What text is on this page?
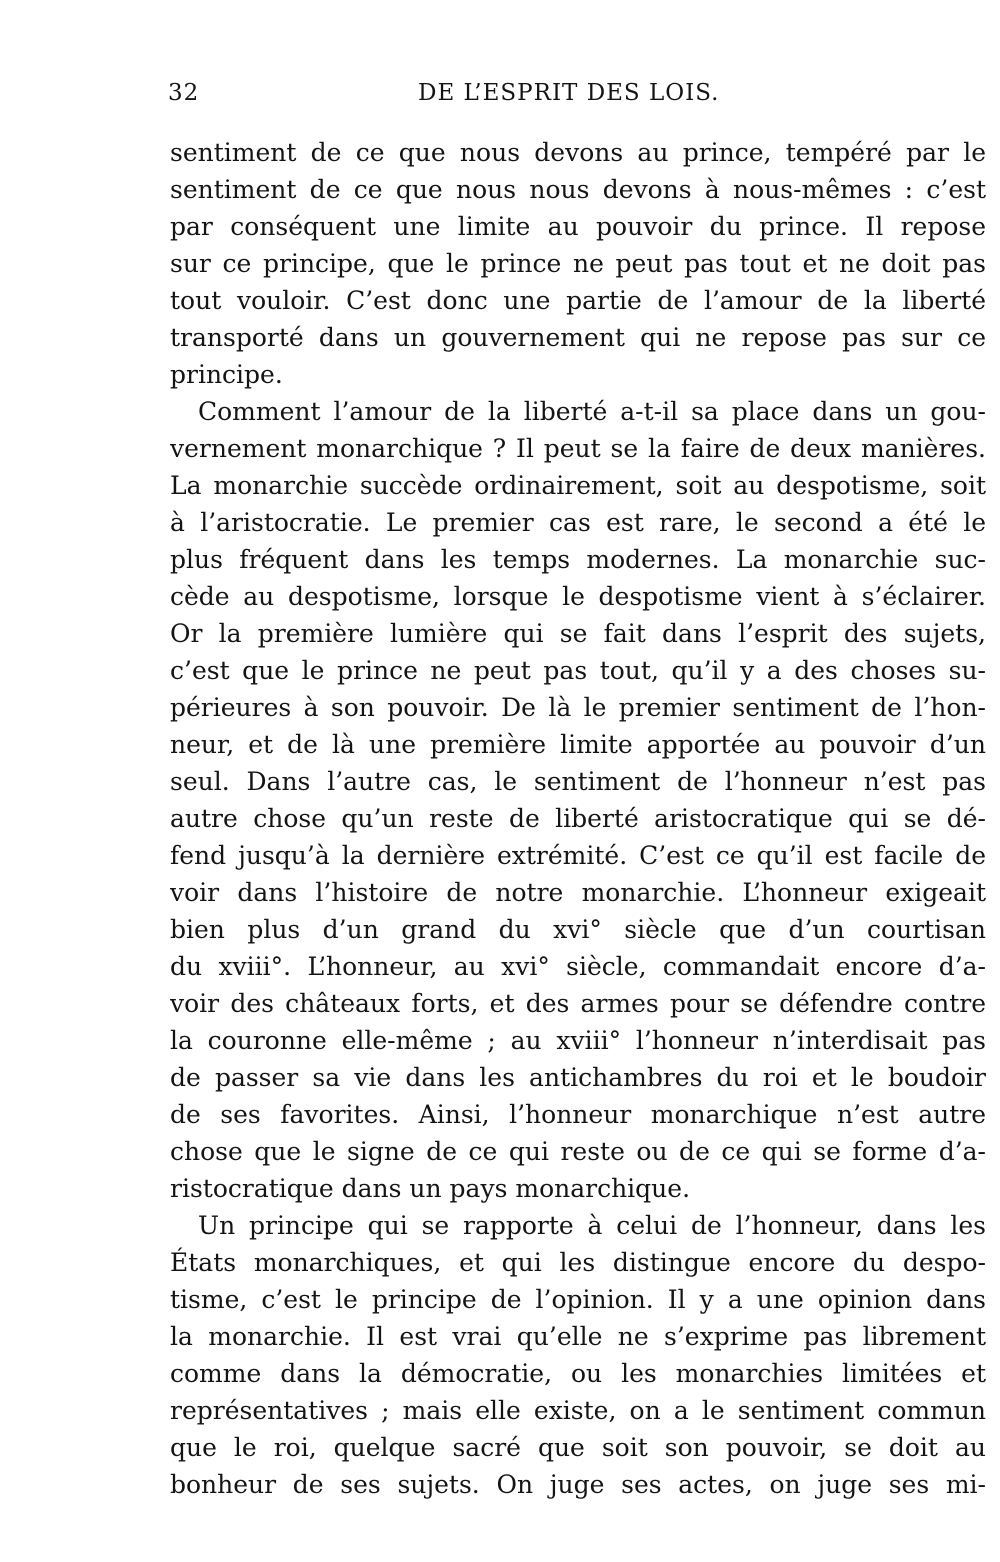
32	DE L’ESPRIT DES LOIS.
sentiment de ce que nous devons au prince, tempéré par le
sentiment de ce que nous nous devons à nous-mêmes : c’est
par conséquent une limite au pouvoir du prince. Il repose
sur ce principe, que le prince ne peut pas tout et ne doit pas
tout vouloir. C’est donc une partie de l’amour de la liberté
transporté dans un gouvernement qui ne repose pas sur ce
principe.
Comment l’amour de la liberté a-t-il sa place dans un gou-
vernement monarchique ? Il peut se la faire de deux manières.
La monarchie succède ordinairement, soit au despotisme, soit
à l’aristocratie. Le premier cas est rare, le second a été le
plus fréquent dans les temps modernes. La monarchie suc-
cède au despotisme, lorsque le despotisme vient à s’éclairer.
Or la première lumière qui se fait dans l’esprit des sujets,
c’est que le prince ne peut pas tout, qu’il y a des choses su-
périeures à son pouvoir. De là le premier sentiment de l’hon-
neur, et de là une première limite apportée au pouvoir d’un
seul. Dans l’autre cas, le sentiment de l’honneur n’est pas
autre chose qu’un reste de liberté aristocratique qui se dé-
fend jusqu’à la dernière extrémité. C’est ce qu’il est facile de
voir dans l’histoire de notre monarchie. L’honneur exigeait
bien plus d’un grand du xvi° siècle que d’un courtisan
du xviii°. L’honneur, au xvi° siècle, commandait encore d’a-
voir des châteaux forts, et des armes pour se défendre contre
la couronne elle-même ; au xviii° l’honneur n’interdisait pas
de passer sa vie dans les antichambres du roi et le boudoir
de ses favorites. Ainsi, l’honneur monarchique n’est autre
chose que le signe de ce qui reste ou de ce qui se forme d’a-
ristocratique dans un pays monarchique.
Un principe qui se rapporte à celui de l’honneur, dans les
États monarchiques, et qui les distingue encore du despo-
tisme, c’est le principe de l’opinion. Il y a une opinion dans
la monarchie. Il est vrai qu’elle ne s’exprime pas librement
comme dans la démocratie, ou les monarchies limitées et
représentatives ; mais elle existe, on a le sentiment commun
que le roi, quelque sacré que soit son pouvoir, se doit au
bonheur de ses sujets. On juge ses actes, on juge ses mi-
